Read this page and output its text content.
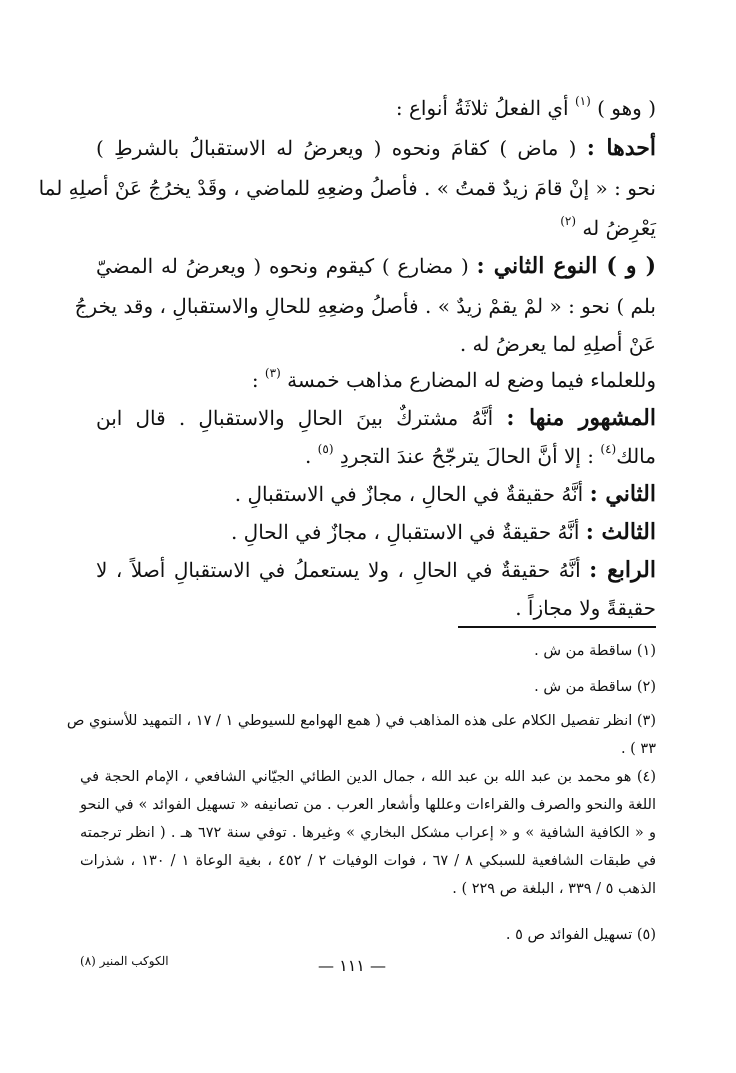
( وهو ) $^{(١)}$ أي الفعلُ ثلاثَةُ أنواع :
أحدها : ( ماض ) كقامَ ونحوه ( ويعرضُ له الاستقبالُ بالشرطِ )
نحو : « إنْ قامَ زيدٌ قمتُ » . فأصلُ وضعِهِ للماضي ، وقَدْ يخرُجُ عَنْ أصلِهِ لما
يَعْرِضُ له $^{(٢)}$
( و ) النوع الثاني : ( مضارع ) كيقوم ونحوه ( ويعرضُ له المضيّ
بلم ) نحو : « لمْ يقمْ زيدٌ » . فأصلُ وضعِهِ للحالِ والاستقبالِ ، وقد يخرجُ
عَنْ أصلِهِ لما يعرضُ له .
وللعلماء فيما وضع له المضارع مذاهب خمسة $^{(٣)}$ :
المشهور منها : أنَّهُ مشتركٌ بينَ الحالِ والاستقبالِ . قال ابن
مالك$^{(٤)}$ : إلا أنَّ الحالَ يترجّحُ عندَ التجردِ $^{(٥)}$ .
الثاني : أنَّهُ حقيقةٌ في الحالِ ، مجازٌ في الاستقبالِ .
الثالث : أنَّهُ حقيقةٌ في الاستقبالِ ، مجازٌ في الحالِ .
الرابع : أنَّهُ حقيقةٌ في الحالِ ، ولا يستعملُ في الاستقبالِ أصلاً ، لا
حقيقةً ولا مجازاً .
(١) ساقطة من ش .
(٢) ساقطة من ش .
(٣) انظر تفصيل الكلام على هذه المذاهب في ( همع الهوامع للسيوطي ١ / ١٧ ، التمهيد للأسنوي ص
٣٣ ) .
(٤) هو محمد بن عبد الله بن عبد الله ، جمال الدين الطائي الجيّاني الشافعي ، الإمام الحجة في
اللغة والنحو والصرف والقراءات وعللها وأشعار العرب . من تصانيفه « تسهيل الفوائد » في النحو
و « الكافية الشافية » و « إعراب مشكل البخاري » وغيرها . توفي سنة ٦٧٢ هـ . ( انظر ترجمته
في طبقات الشافعية للسبكي ٨ / ٦٧ ، فوات الوفيات ٢ / ٤٥٢ ، بغية الوعاة ١ / ١٣٠ ، شذرات
الذهب ٥ / ٣٣٩ ، البلغة ص ٢٢٩ ) .
(٥) تسهيل الفوائد ص ٥ .
— ١١١ —
الكوكب المنير (٨)
